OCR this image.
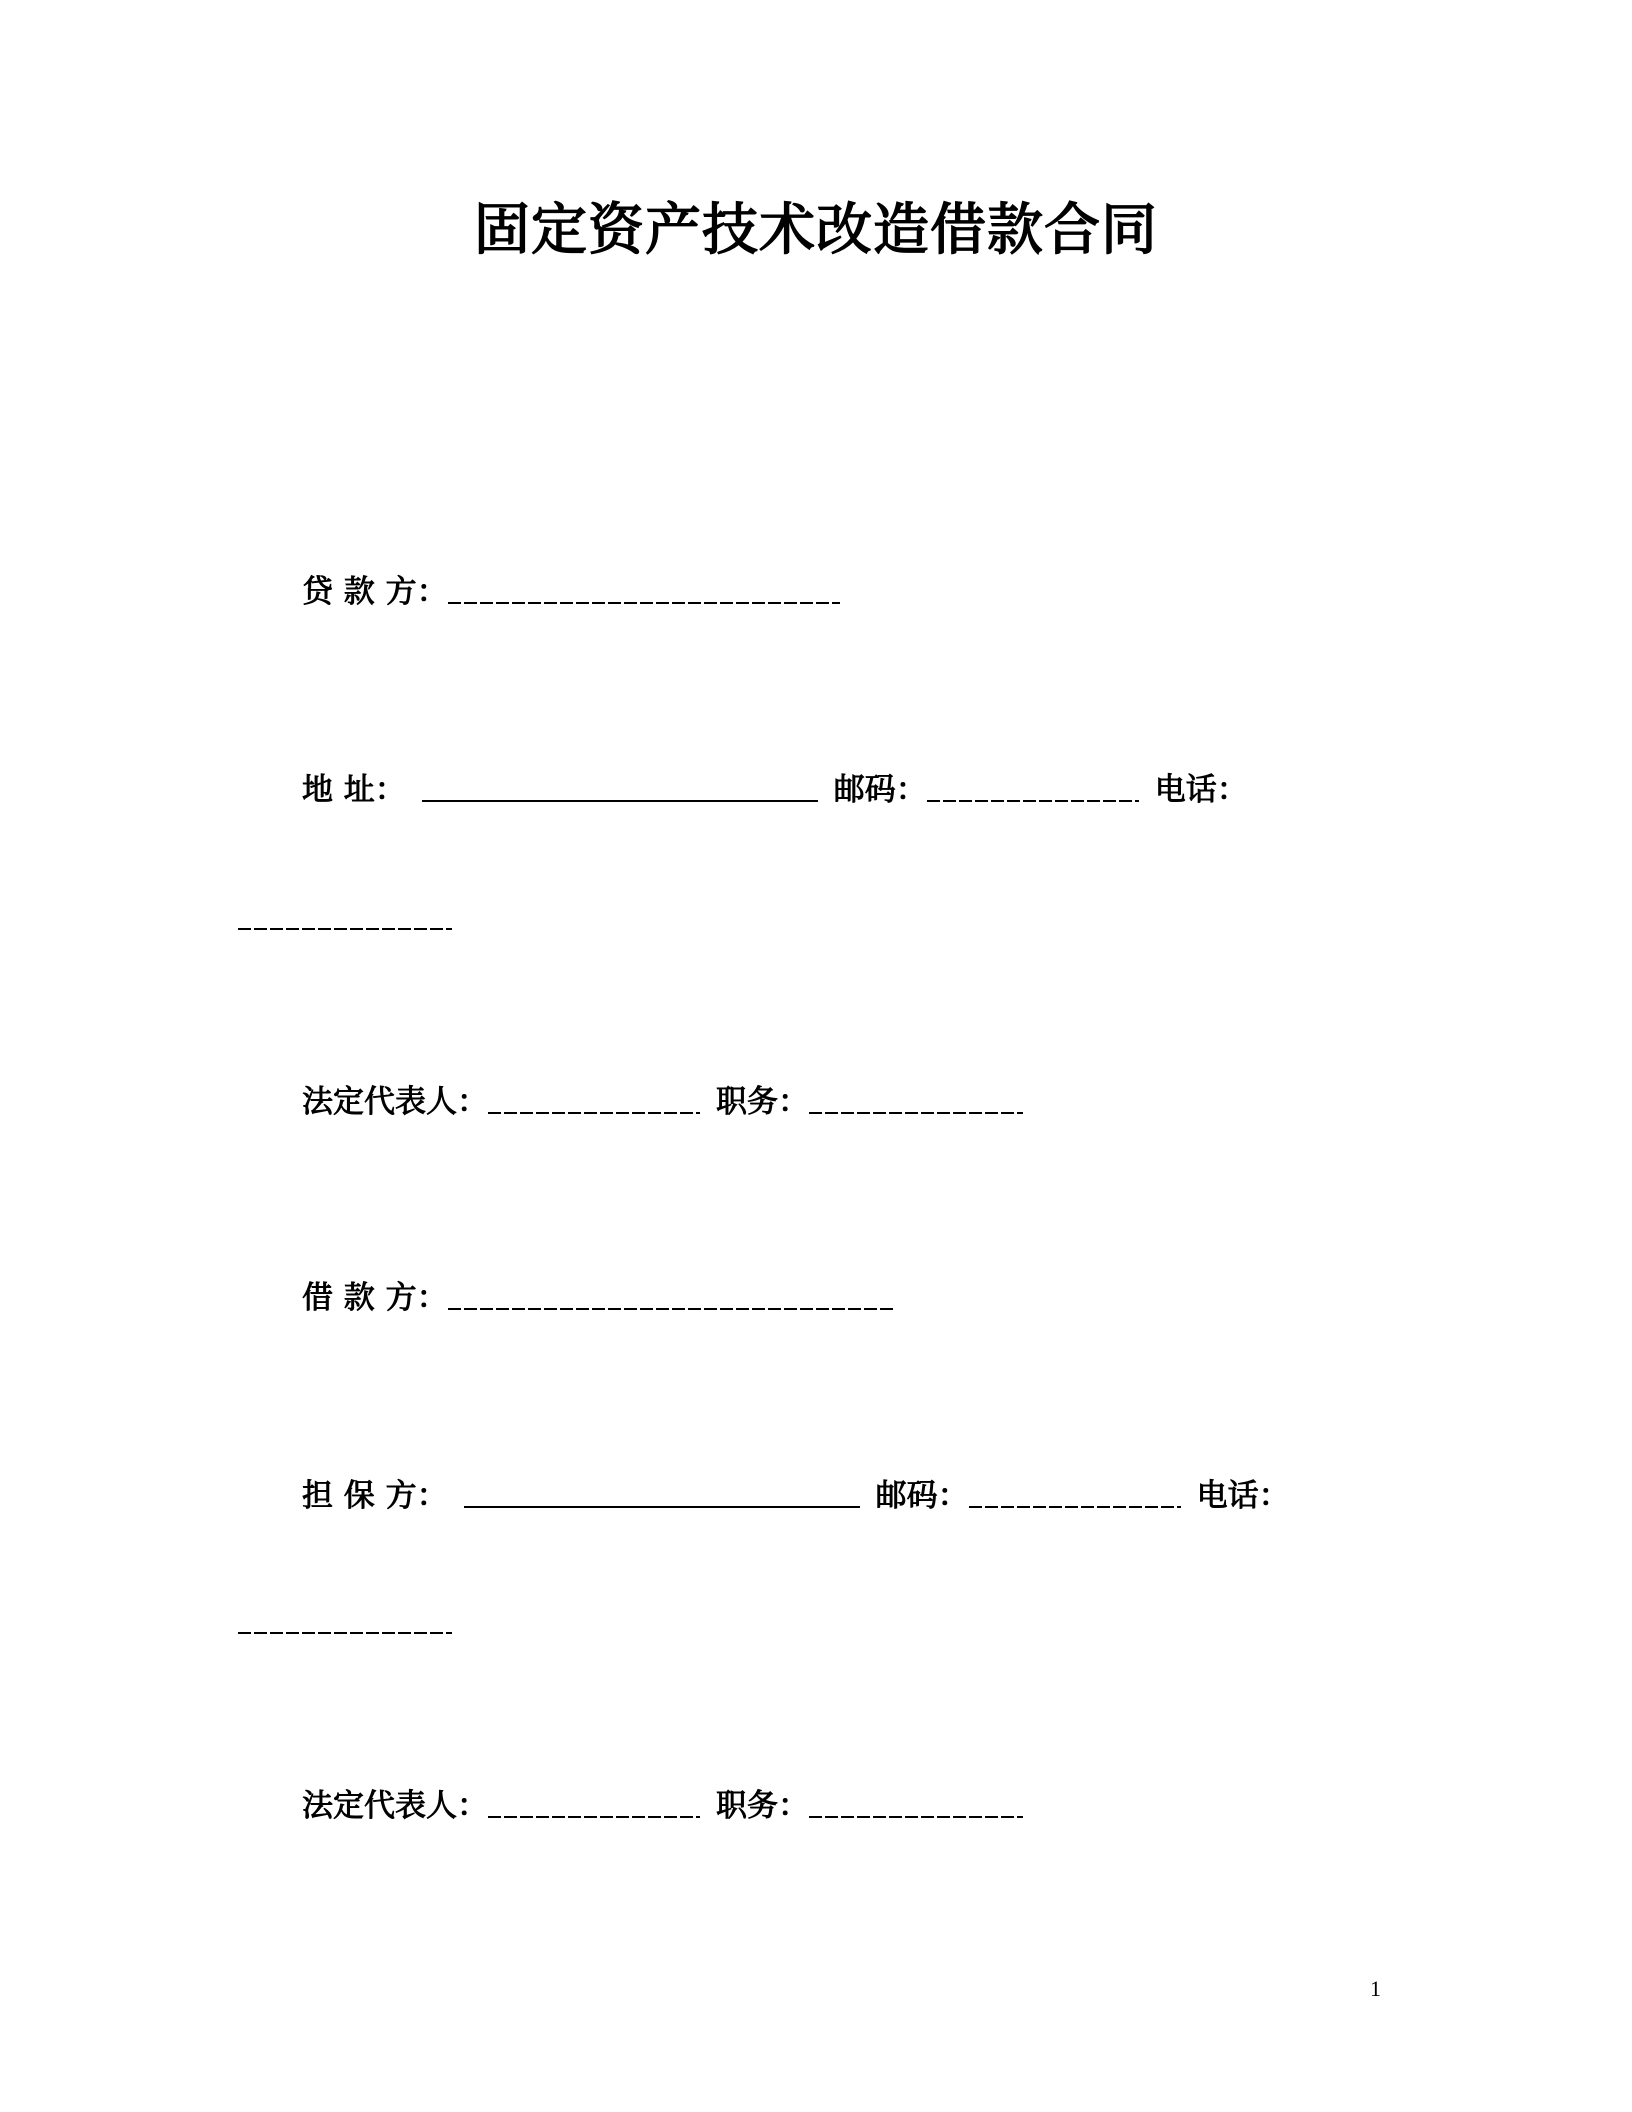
固定资产技术改造借款合同
贷 款 方：
地 址：	邮码：	电话：
法定代表人：	职务：
借 款 方：
担 保 方：	邮码：	电话：
法定代表人：	职务：
1
